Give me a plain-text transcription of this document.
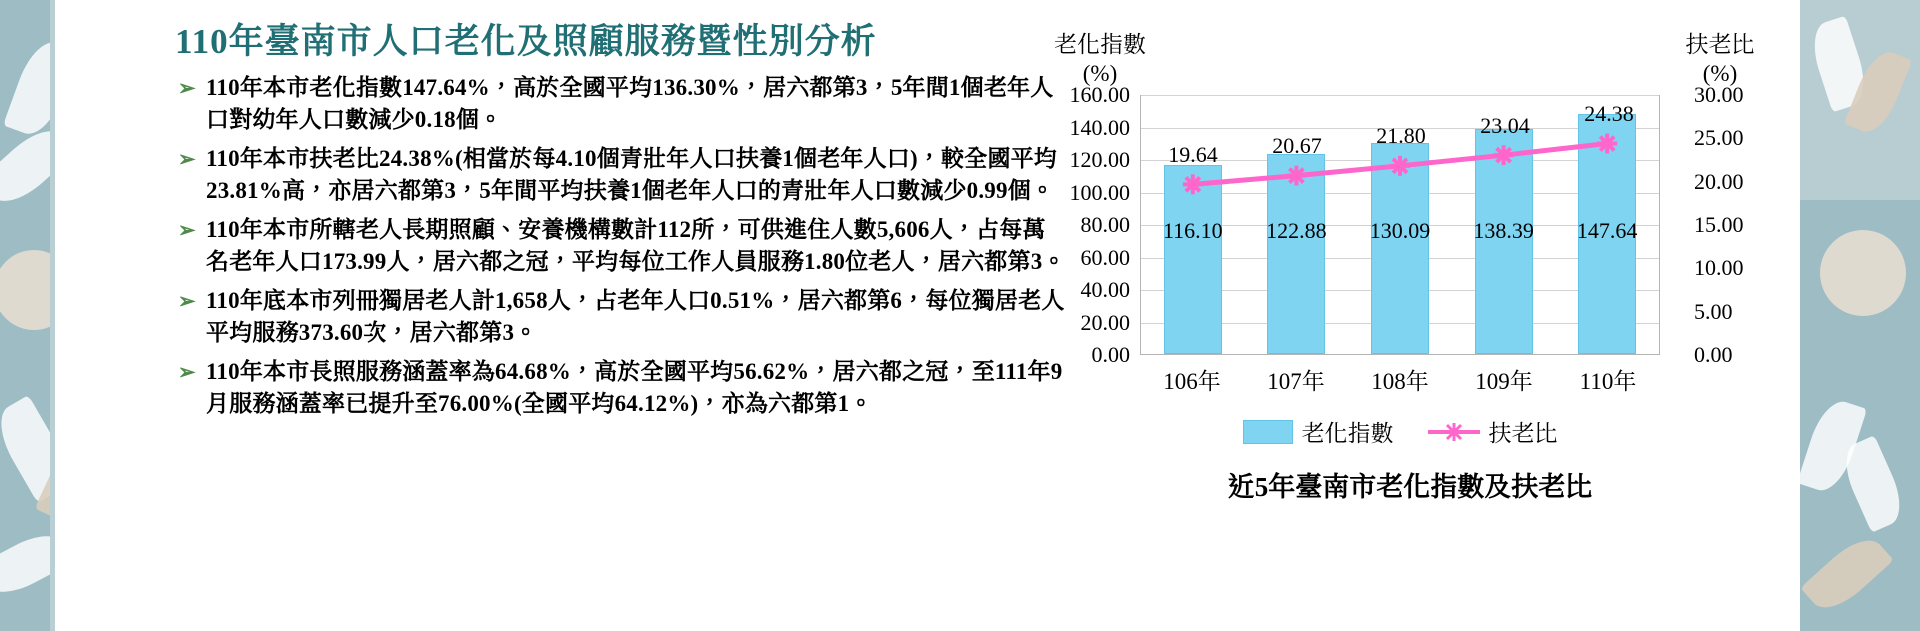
110年臺南市人口老化及照顧服務暨性別分析
➢ 110年本市老化指數147.64%，高於全國平均136.30%，居六都第3，5年間1個老年人口對幼年人口數減少0.18個。
➢ 110年本市扶老比24.38%(相當於每4.10個青壯年人口扶養1個老年人口)，較全國平均23.81%高，亦居六都第3，5年間平均扶養1個老年人口的青壯年人口數減少0.99個。
➢ 110年本市所轄老人長期照顧、安養機構數計112所，可供進住人數5,606人，占每萬名老年人口173.99人，居六都之冠，平均每位工作人員服務1.80位老人，居六都第3。
➢ 110年底本市列冊獨居老人計1,658人，占老年人口0.51%，居六都第6，每位獨居老人平均服務373.60次，居六都第3。
➢ 110年本市長照服務涵蓋率為64.68%，高於全國平均56.62%，居六都之冠，至111年9月服務涵蓋率已提升至76.00%(全國平均64.12%)，亦為六都第1。
老化指數
(%)
扶老比
(%)
0.00
20.00
40.00
60.00
80.00
100.00
120.00
140.00
160.00
0.00
5.00
10.00
15.00
20.00
25.00
30.00
116.10	122.88	130.09	138.39	147.64
19.64 20.67 21.80 23.04 24.38
106年	107年	108年	109年	110年
老化指數	扶老比
近5年臺南市老化指數及扶老比
